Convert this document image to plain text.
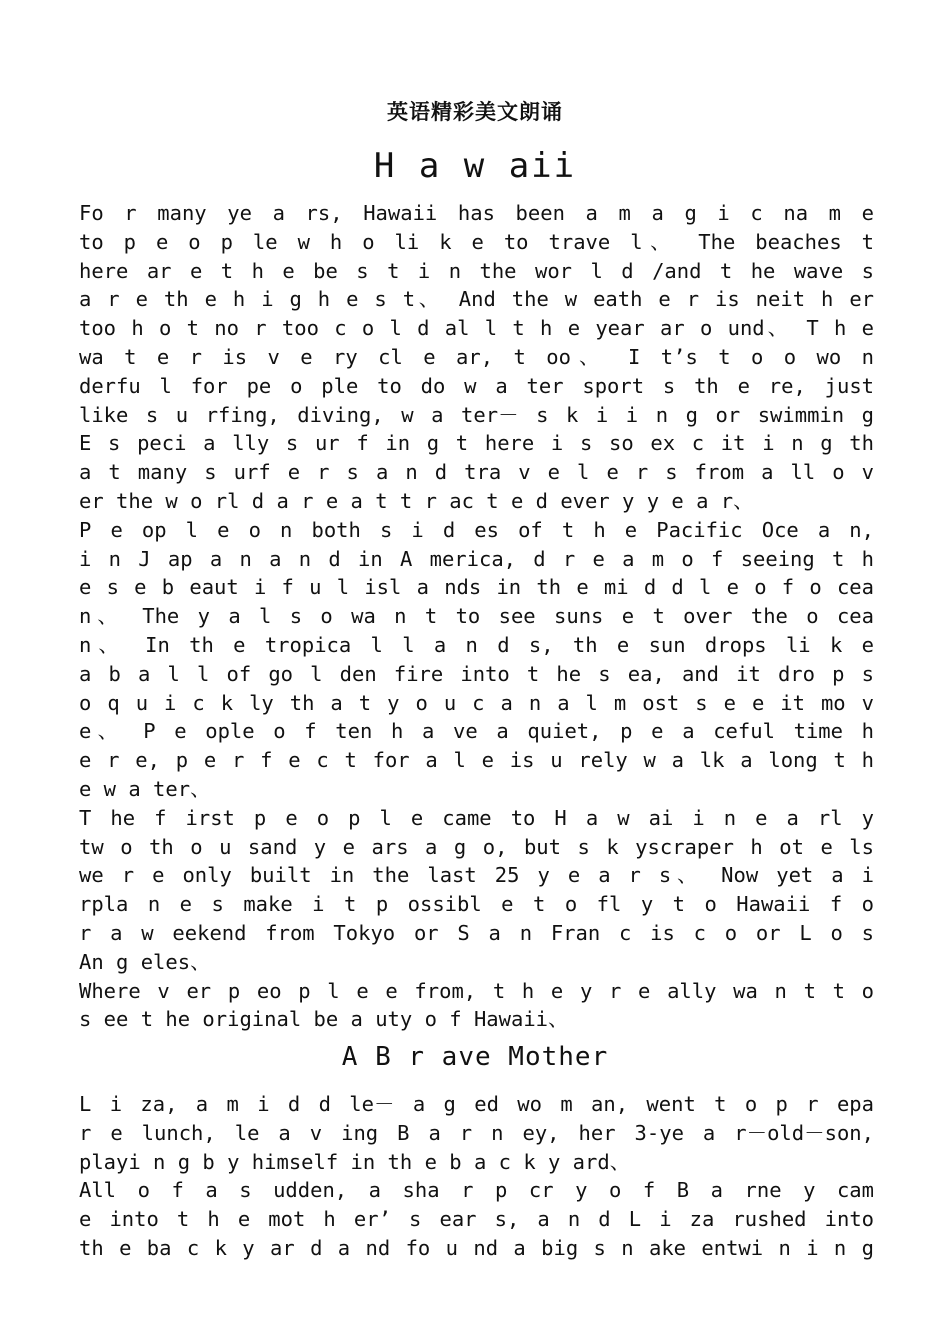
英语精彩美文朗诵
H a w aii
Fo r many ye a rs, Hawaii has been a m a g i c na m e
to p e o p le w h o li k e to trave l、 The beaches t
here ar e t h e be s t i n the wor l d /and t he wave s
a r e th e h i g h e s t、 And the w eath e r is neit h er
too h o t no r too c o l d al l t h e year ar o und、 T h e
wa t e r is v e ry cl e ar, t oo、 I t’s t o o wo n
derfu l for pe o ple to do w a ter sport s th e re, just
like s u rfing, diving, w a ter－ s k i i n g or swimmin g
E s peci a lly s ur f in g t here i s so ex c it i n g th
a t many s urf e r s a n d tra v e l e r s from a ll o v
er the w o rl d a r e a t t r ac t e d ever y y e a r、
P e op l e o n both s i d es of t h e Pacific Oce a n,
i n J ap a n a n d in A merica, d r e a m o f seeing t h
e s e b eaut i f u l isl a nds in th e mi d d l e o f o cea
n、 The y a l s o wa n t to see suns e t over the o cea
n、 In th e tropica l l a n d s, th e sun drops li k e
a b a l l of go l den fire into t he s ea, and it dro p s
o q u i c k ly th a t y o u c a n a l m ost s e e it mo v
e、 P e ople o f ten h a ve a quiet, p e a ceful time h
e r e, p e r f e c t for a l e is u rely w a lk a long t h
e w a ter、
T he f irst p e o p l e came to H a w ai i n e a rl y
tw o th o u sand y e ars a g o, but s k yscraper h ot e ls
we r e only built in the last 25 y e a r s、 Now yet a i
rpla n e s make i t p ossibl e t o fl y t o Hawaii f o
r a w eekend from Tokyo or S a n Fran c is c o or L o s
An g eles、
Where v er p eo p l e e from, t h e y r e ally wa n t t o
s ee t he original be a uty o f Hawaii、
A B r ave Mother
L i za, a m i d d le－ a g ed wo m an, went t o p r epa
r e lunch, le a v ing B a r n ey, her 3-ye a r－old－son,
playi n g b y himself in th e b a c k y ard、
All o f a s udden, a sha r p cr y o f B a rne y cam
e into t h e mot h er’ s ear s, a n d L i za rushed into
th e ba c k y ar d a nd fo u nd a big s n ake entwi n i n g
